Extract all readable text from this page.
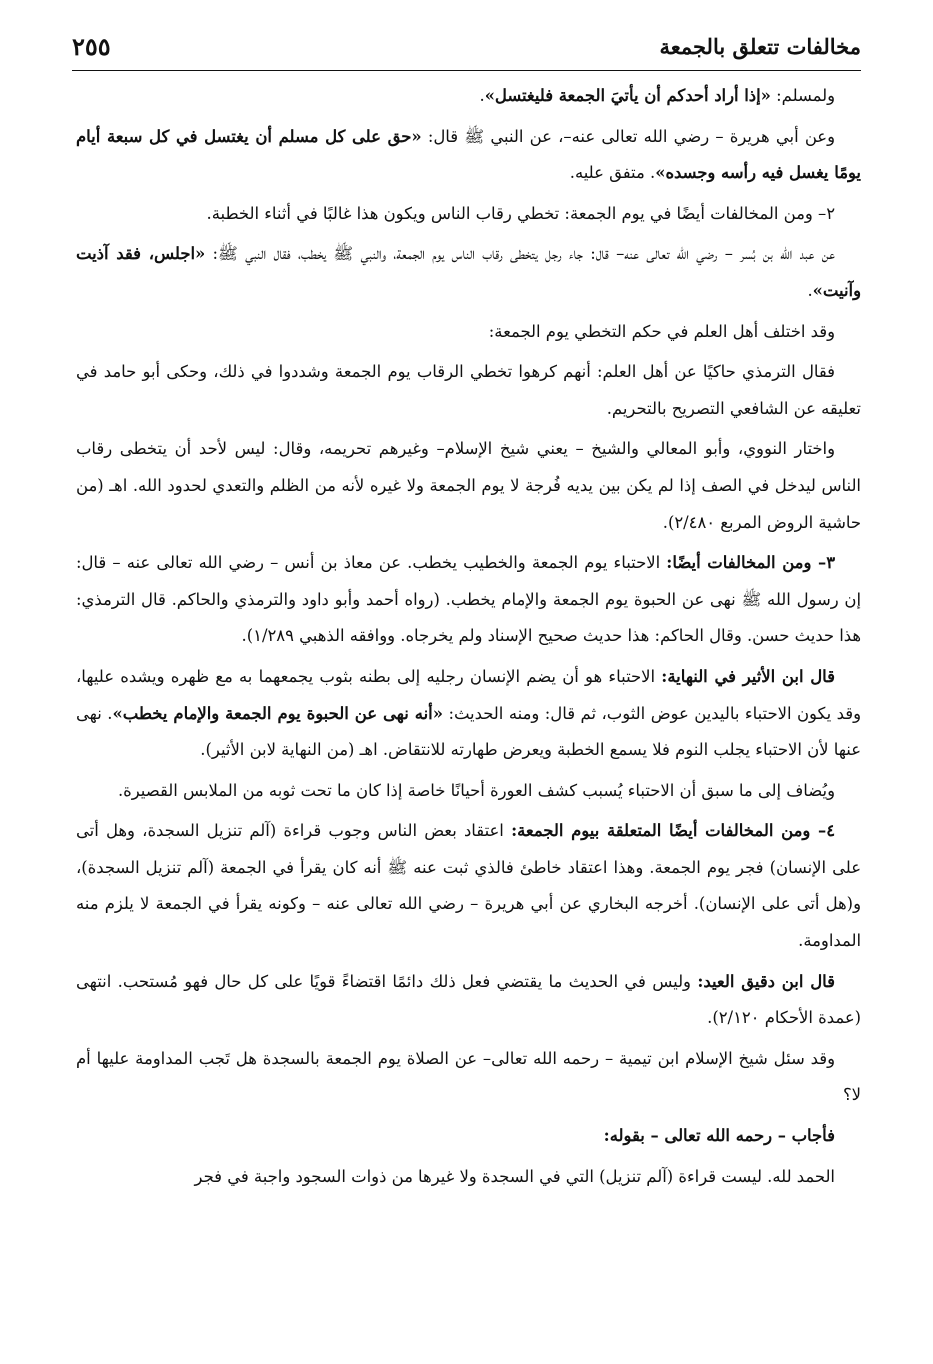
مخالفات تتعلق بالجمعة
٢٥٥

ولمسلم: «إذا أراد أحدكم أن يأتيَ الجمعة فليغتسل».

وعن أبي هريرة – رضي الله تعالى عنه–، عن النبي ﷺ قال: «حق على كل مسلم أن يغتسل في كل سبعة أيام يومًا يغسل فيه رأسه وجسده». متفق عليه.

٢– ومن المخالفات أيضًا في يوم الجمعة: تخطي رقاب الناس ويكون هذا غالبًا في أثناء الخطبة.

عن عبد الله بن بُسر – رضي الله تعالى عنه– قال: جاء رجل يتخطى رقاب الناس يوم الجمعة، والنبي ﷺ يخطب، فقال النبي ﷺ: «اجلس، فقد آذيت وآنيت».

وقد اختلف أهل العلم في حكم التخطي يوم الجمعة:

فقال الترمذي حاكيًا عن أهل العلم: أنهم كرهوا تخطي الرقاب يوم الجمعة وشددوا في ذلك، وحكى أبو حامد في تعليقه عن الشافعي التصريح بالتحريم.

واختار النووي، وأبو المعالي والشيخ – يعني شيخ الإسلام– وغيرهم تحريمه، وقال: ليس لأحد أن يتخطى رقاب الناس ليدخل في الصف إذا لم يكن بين يديه فُرجة لا يوم الجمعة ولا غيره لأنه من الظلم والتعدي لحدود الله. اهـ (من حاشية الروض المربع ٢/٤٨٠).

٣– ومن المخالفات أيضًا: الاحتباء يوم الجمعة والخطيب يخطب. عن معاذ بن أنس – رضي الله تعالى عنه – قال: إن رسول الله ﷺ نهى عن الحبوة يوم الجمعة والإمام يخطب. (رواه أحمد وأبو داود والترمذي والحاكم. قال الترمذي: هذا حديث حسن. وقال الحاكم: هذا حديث صحيح الإسناد ولم يخرجاه. ووافقه الذهبي ١/٢٨٩).

قال ابن الأثير في النهاية: الاحتباء هو أن يضم الإنسان رجليه إلى بطنه بثوب يجمعهما به مع ظهره ويشده عليها، وقد يكون الاحتباء باليدين عوض الثوب، ثم قال: ومنه الحديث: «أنه نهى عن الحبوة يوم الجمعة والإمام يخطب». نهى عنها لأن الاحتباء يجلب النوم فلا يسمع الخطبة ويعرض طهارته للانتقاض. اهـ (من النهاية لابن الأثير).

ويُضاف إلى ما سبق أن الاحتباء يُسبب كشف العورة أحيانًا خاصة إذا كان ما تحت ثوبه من الملابس القصيرة.

٤– ومن المخالفات أيضًا المتعلقة بيوم الجمعة: اعتقاد بعض الناس وجوب قراءة (آلم تنزيل السجدة، وهل أتى على الإنسان) فجر يوم الجمعة. وهذا اعتقاد خاطئ فالذي ثبت عنه ﷺ أنه كان يقرأ في الجمعة (آلم تنزيل السجدة)، و(هل أتى على الإنسان). أخرجه البخاري عن أبي هريرة – رضي الله تعالى عنه – وكونه يقرأ في الجمعة لا يلزم منه المداومة.

قال ابن دقيق العيد: وليس في الحديث ما يقتضي فعل ذلك دائمًا اقتضاءً قويًا على كل حال فهو مُستحب. انتهى (عمدة الأحكام ٢/١٢٠).

وقد سئل شيخ الإسلام ابن تيمية – رحمه الله تعالى– عن الصلاة يوم الجمعة بالسجدة هل تَجب المداومة عليها أم لا؟

فأجاب – رحمه الله تعالى – بقوله:

الحمد لله. ليست قراءة (آلم تنزيل) التي في السجدة ولا غيرها من ذوات السجود واجبة في فجر
